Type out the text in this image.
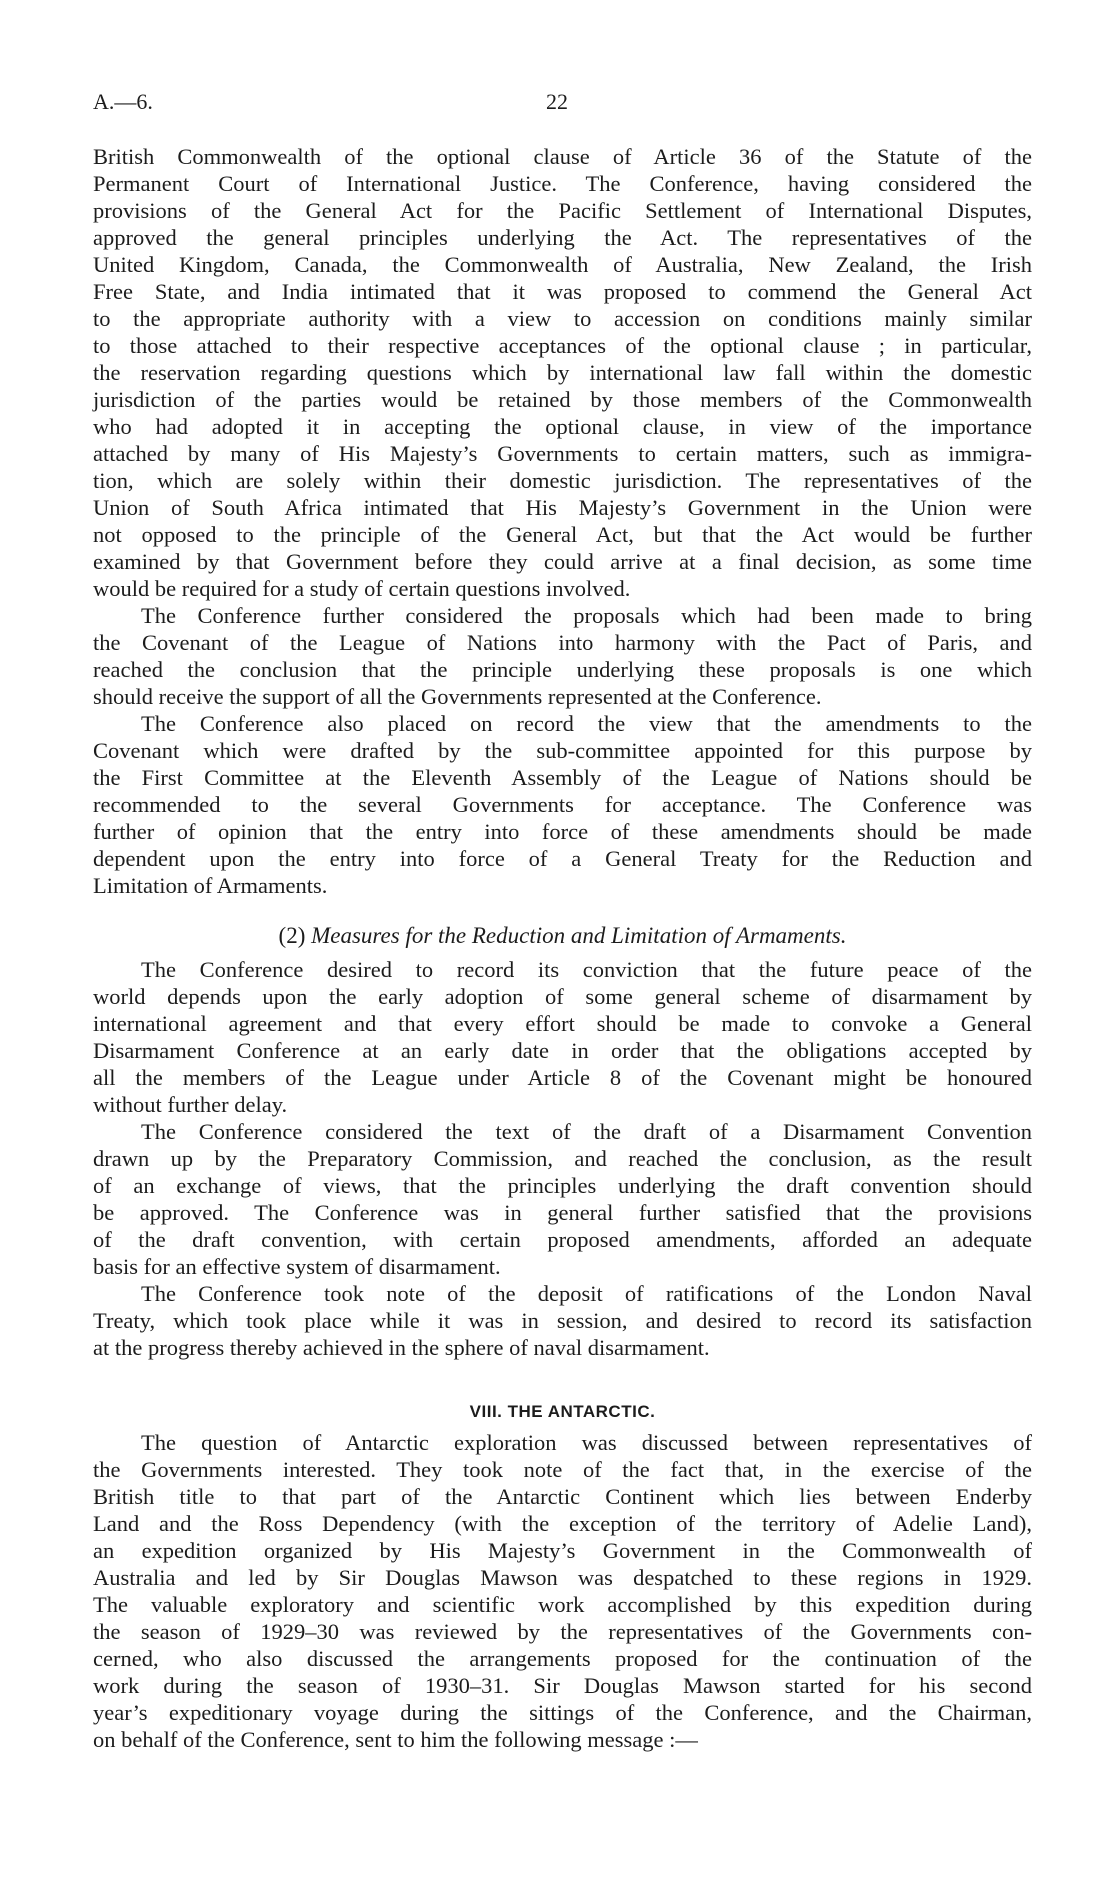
A.—6.	22
British Commonwealth of the optional clause of Article 36 of the Statute of the
Permanent Court of International Justice. The Conference, having considered the
provisions of the General Act for the Pacific Settlement of International Disputes,
approved the general principles underlying the Act. The representatives of the
United Kingdom, Canada, the Commonwealth of Australia, New Zealand, the Irish
Free State, and India intimated that it was proposed to commend the General Act
to the appropriate authority with a view to accession on conditions mainly similar
to those attached to their respective acceptances of the optional clause ; in particular,
the reservation regarding questions which by international law fall within the domestic
jurisdiction of the parties would be retained by those members of the Commonwealth
who had adopted it in accepting the optional clause, in view of the importance
attached by many of His Majesty’s Governments to certain matters, such as immigra-
tion, which are solely within their domestic jurisdiction. The representatives of the
Union of South Africa intimated that His Majesty’s Government in the Union were
not opposed to the principle of the General Act, but that the Act would be further
examined by that Government before they could arrive at a final decision, as some time
would be required for a study of certain questions involved.
The Conference further considered the proposals which had been made to bring
the Covenant of the League of Nations into harmony with the Pact of Paris, and
reached the conclusion that the principle underlying these proposals is one which
should receive the support of all the Governments represented at the Conference.
The Conference also placed on record the view that the amendments to the
Covenant which were drafted by the sub-committee appointed for this purpose by
the First Committee at the Eleventh Assembly of the League of Nations should be
recommended to the several Governments for acceptance. The Conference was
further of opinion that the entry into force of these amendments should be made
dependent upon the entry into force of a General Treaty for the Reduction and
Limitation of Armaments.
(2) Measures for the Reduction and Limitation of Armaments.
The Conference desired to record its conviction that the future peace of the
world depends upon the early adoption of some general scheme of disarmament by
international agreement and that every effort should be made to convoke a General
Disarmament Conference at an early date in order that the obligations accepted by
all the members of the League under Article 8 of the Covenant might be honoured
without further delay.
The Conference considered the text of the draft of a Disarmament Convention
drawn up by the Preparatory Commission, and reached the conclusion, as the result
of an exchange of views, that the principles underlying the draft convention should
be approved. The Conference was in general further satisfied that the provisions
of the draft convention, with certain proposed amendments, afforded an adequate
basis for an effective system of disarmament.
The Conference took note of the deposit of ratifications of the London Naval
Treaty, which took place while it was in session, and desired to record its satisfaction
at the progress thereby achieved in the sphere of naval disarmament.
VIII. THE ANTARCTIC.
The question of Antarctic exploration was discussed between representatives of
the Governments interested. They took note of the fact that, in the exercise of the
British title to that part of the Antarctic Continent which lies between Enderby
Land and the Ross Dependency (with the exception of the territory of Adelie Land),
an expedition organized by His Majesty’s Government in the Commonwealth of
Australia and led by Sir Douglas Mawson was despatched to these regions in 1929.
The valuable exploratory and scientific work accomplished by this expedition during
the season of 1929–30 was reviewed by the representatives of the Governments con-
cerned, who also discussed the arrangements proposed for the continuation of the
work during the season of 1930–31. Sir Douglas Mawson started for his second
year’s expeditionary voyage during the sittings of the Conference, and the Chairman,
on behalf of the Conference, sent to him the following message :—
